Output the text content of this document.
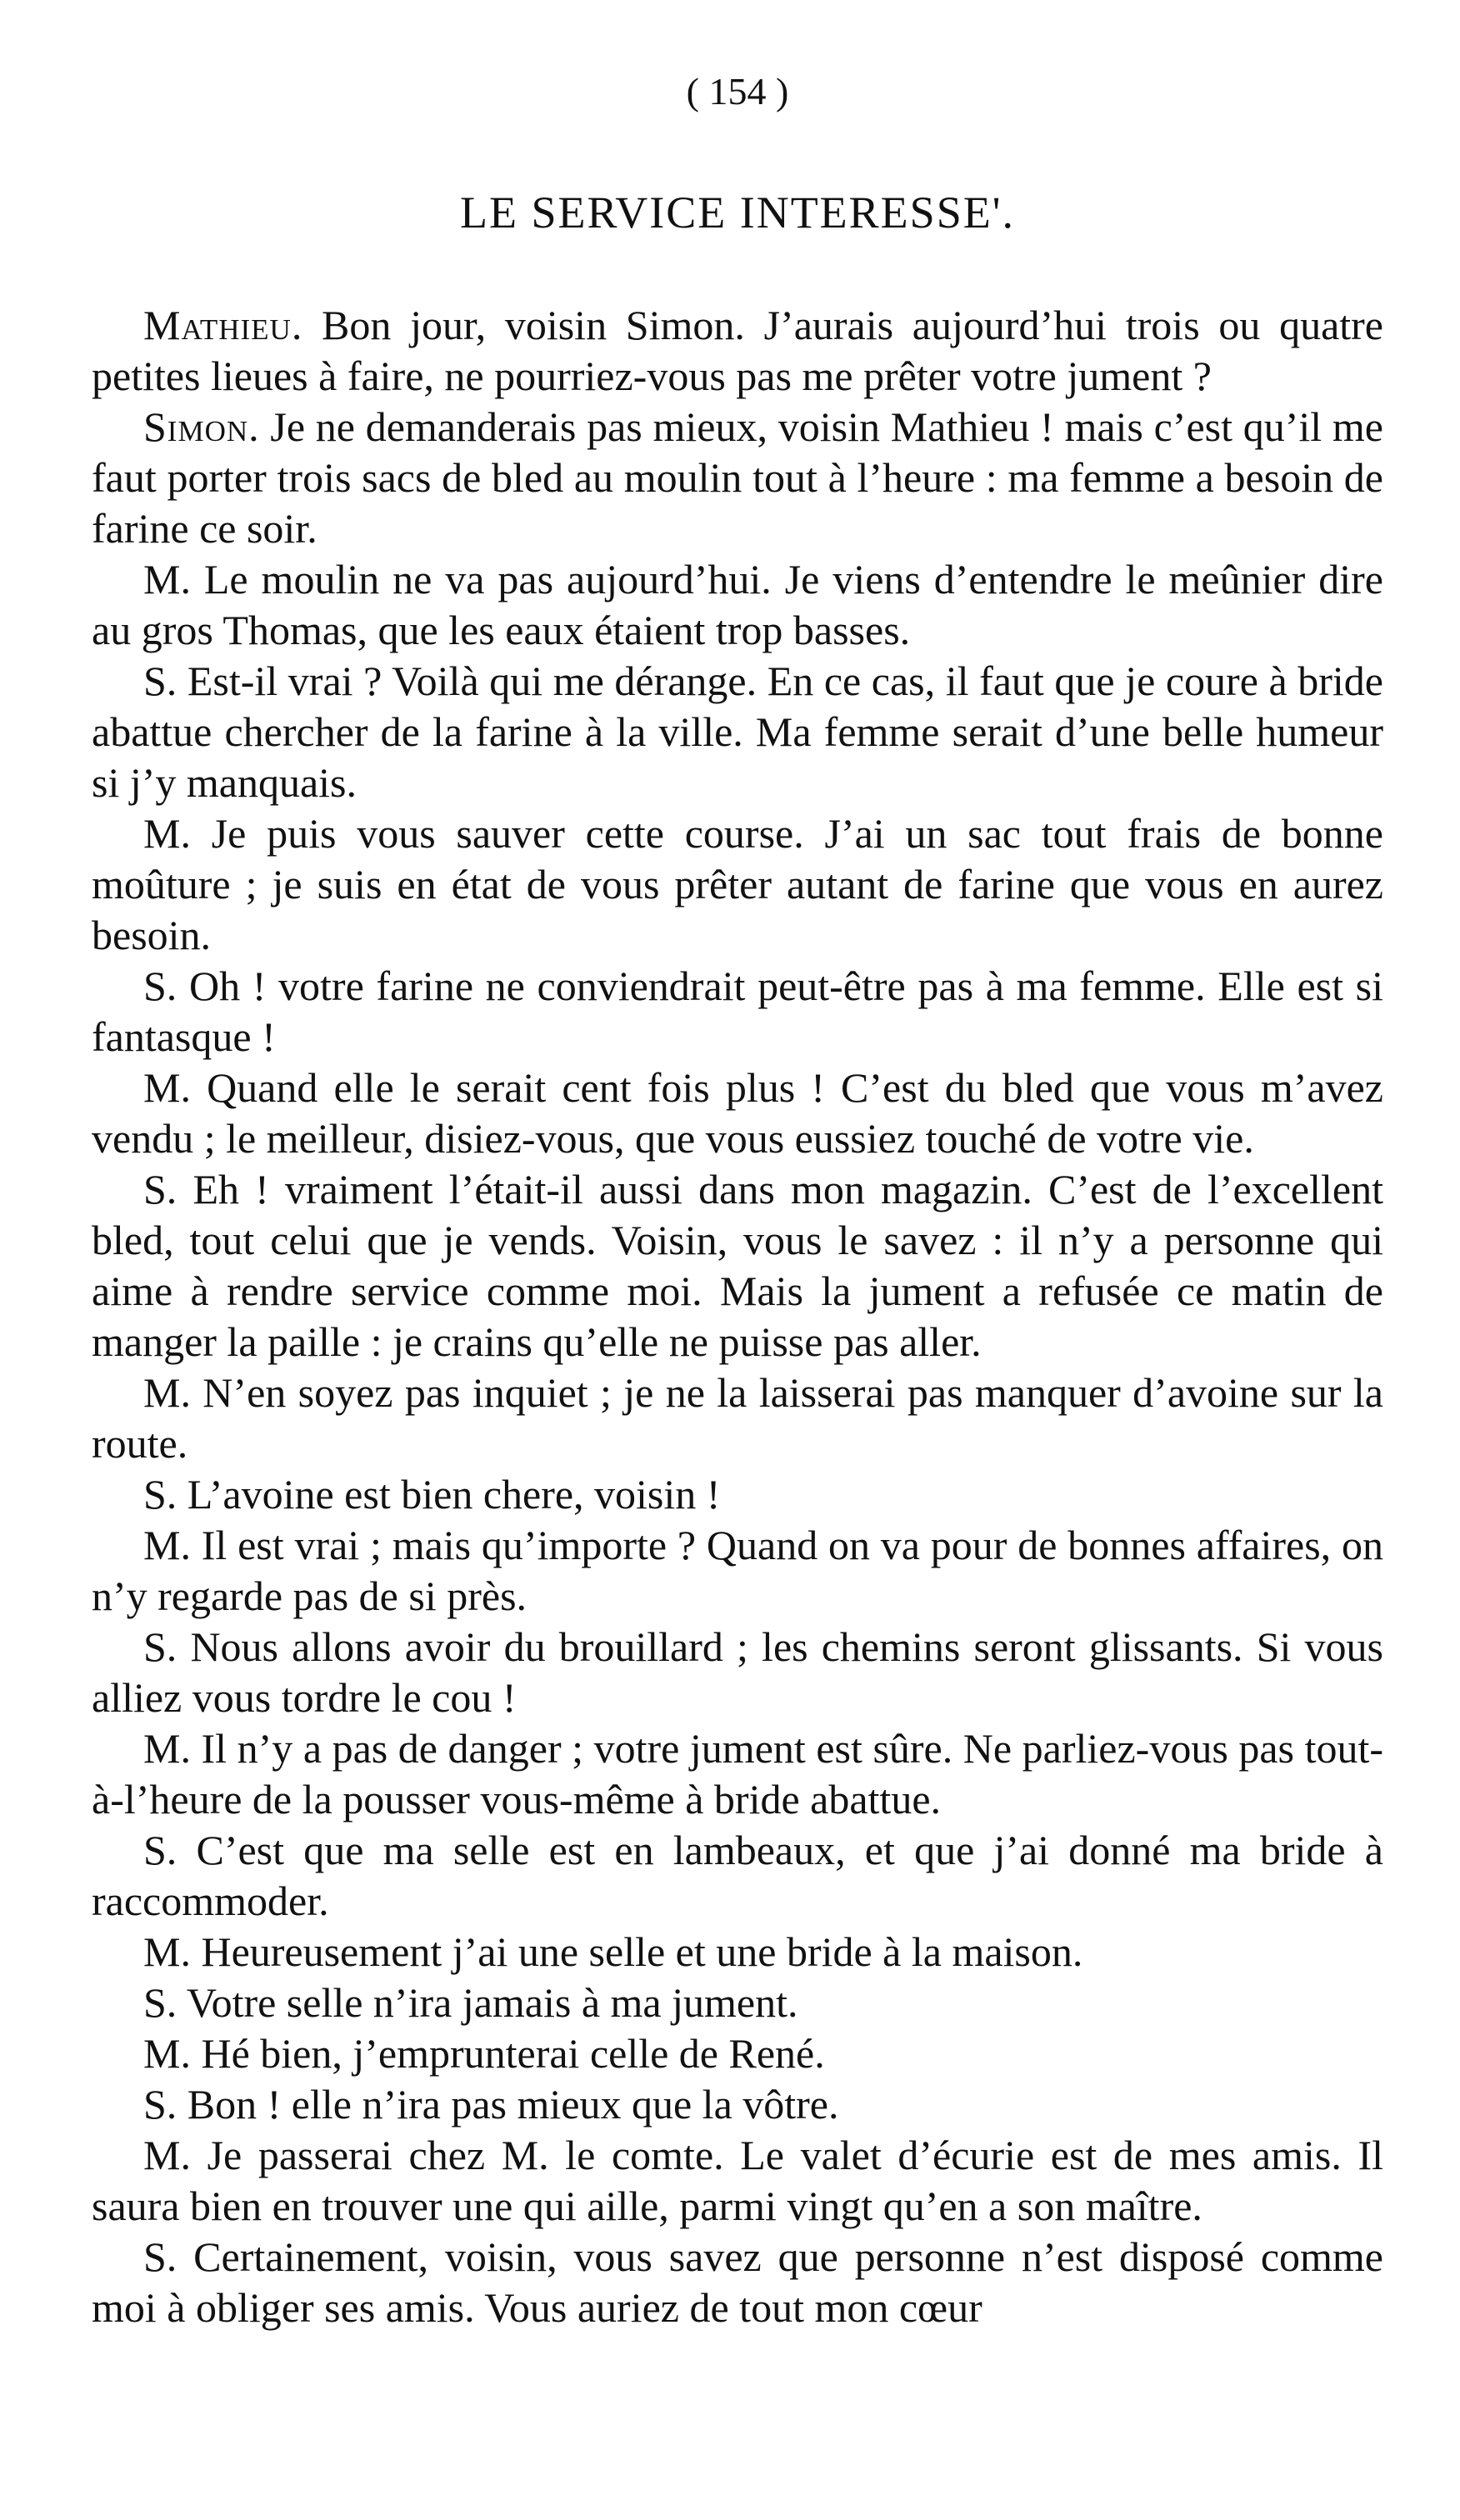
( 154 )
LE SERVICE INTERESSE'.

Mathieu. Bon jour, voisin Simon. J’aurais aujourd’hui trois ou quatre petites lieues à faire, ne pourriez-vous pas me prêter votre jument ?

Simon. Je ne demanderais pas mieux, voisin Mathieu ! mais c’est qu’il me faut porter trois sacs de bled au moulin tout à l’heure : ma femme a besoin de farine ce soir.

M. Le moulin ne va pas aujourd’hui. Je viens d’entendre le meûnier dire au gros Thomas, que les eaux étaient trop basses.

S. Est-il vrai ? Voilà qui me dérange. En ce cas, il faut que je coure à bride abattue chercher de la farine à la ville. Ma femme serait d’une belle humeur si j’y manquais.

M. Je puis vous sauver cette course. J’ai un sac tout frais de bonne moûture ; je suis en état de vous prêter autant de farine que vous en aurez besoin.

S. Oh ! votre farine ne conviendrait peut-être pas à ma femme. Elle est si fantasque !

M. Quand elle le serait cent fois plus ! C’est du bled que vous m’avez vendu ; le meilleur, disiez-vous, que vous eussiez touché de votre vie.

S. Eh ! vraiment l’était-il aussi dans mon magazin. C’est de l’excellent bled, tout celui que je vends. Voisin, vous le savez : il n’y a personne qui aime à rendre service comme moi. Mais la jument a refusée ce matin de manger la paille : je crains qu’elle ne puisse pas aller.

M. N’en soyez pas inquiet ; je ne la laisserai pas manquer d’avoine sur la route.

S. L’avoine est bien chere, voisin !

M. Il est vrai ; mais qu’importe ? Quand on va pour de bonnes affaires, on n’y regarde pas de si près.

S. Nous allons avoir du brouillard ; les chemins seront glissants. Si vous alliez vous tordre le cou !

M. Il n’y a pas de danger ; votre jument est sûre. Ne parliez-vous pas tout-à-l’heure de la pousser vous-même à bride abattue.

S. C’est que ma selle est en lambeaux, et que j’ai donné ma bride à raccommoder.

M. Heureusement j’ai une selle et une bride à la maison.

S. Votre selle n’ira jamais à ma jument.

M. Hé bien, j’emprunterai celle de René.

S. Bon ! elle n’ira pas mieux que la vôtre.

M. Je passerai chez M. le comte. Le valet d’écurie est de mes amis. Il saura bien en trouver une qui aille, parmi vingt qu’en a son maître.

S. Certainement, voisin, vous savez que personne n’est disposé comme moi à obliger ses amis. Vous auriez de tout mon cœur
